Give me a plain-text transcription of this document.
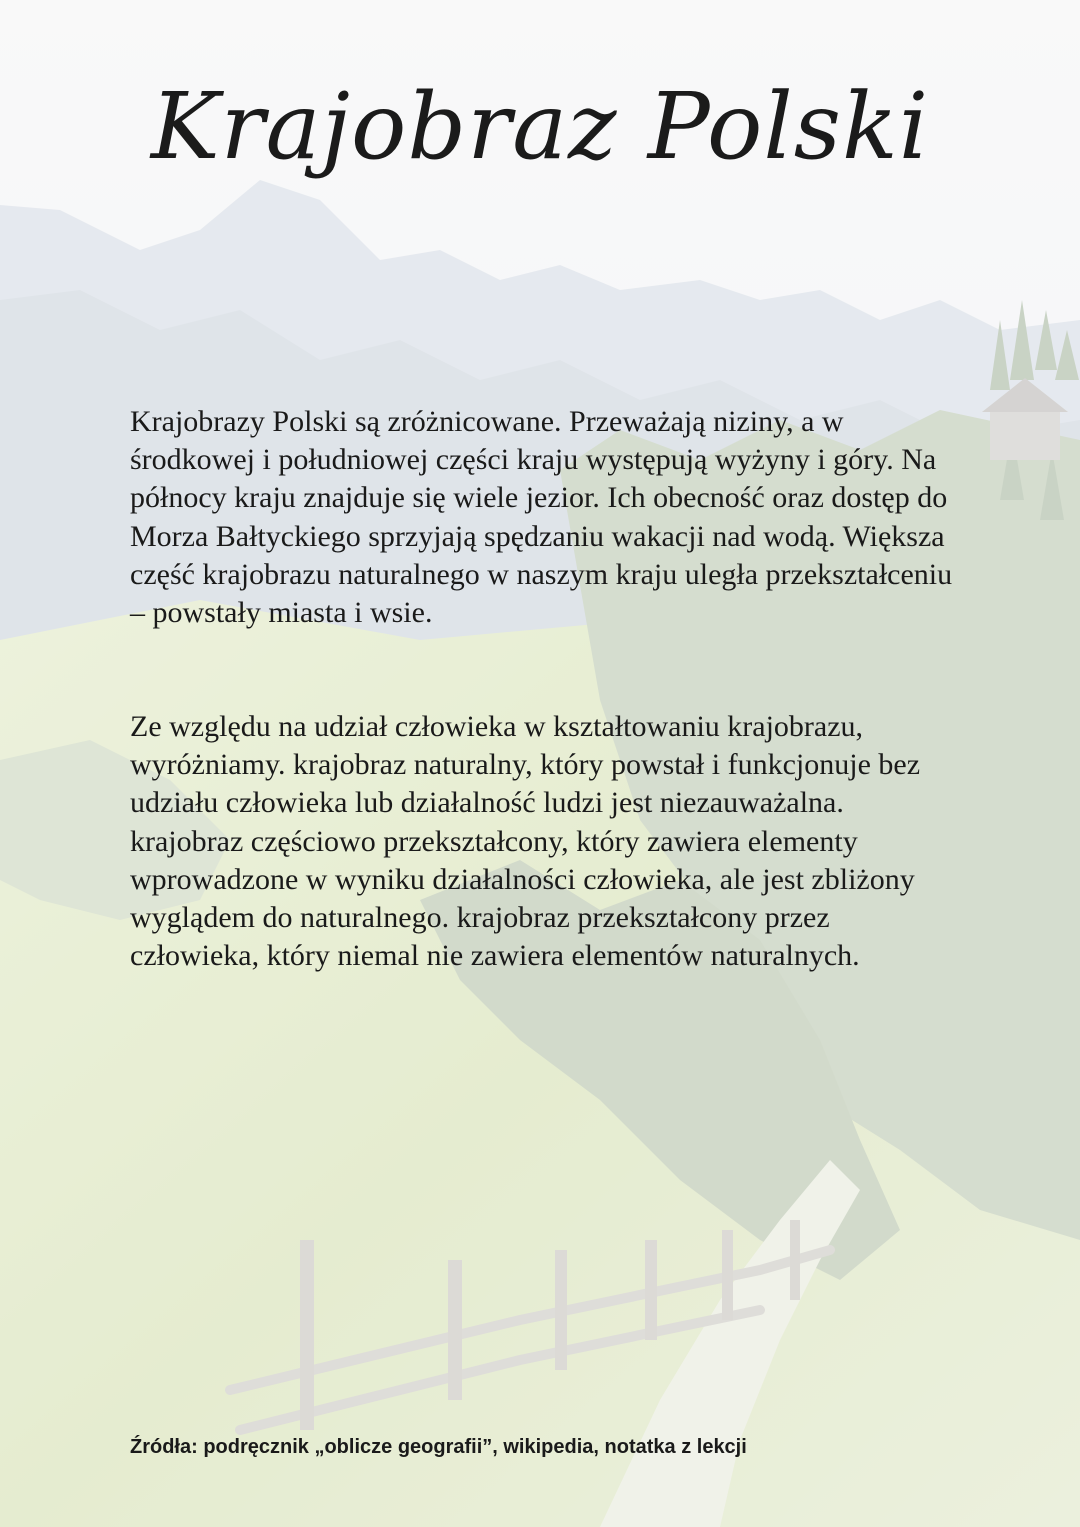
Krajobraz Polski

Krajobrazy Polski są zróżnicowane. Przeważają niziny, a w środkowej i południowej części kraju występują wyżyny i góry. Na północy kraju znajduje się wiele jezior. Ich obecność oraz dostęp do Morza Bałtyckiego sprzyjają spędzaniu wakacji nad wodą. Większa część krajobrazu naturalnego w naszym kraju uległa przekształceniu – powstały miasta i wsie.

Ze względu na udział człowieka w kształtowaniu krajobrazu, wyróżniamy. krajobraz naturalny, który powstał i funkcjonuje bez udziału człowieka lub działalność ludzi jest niezauważalna. krajobraz częściowo przekształcony, który zawiera elementy wprowadzone w wyniku działalności człowieka, ale jest zbliżony wyglądem do naturalnego. krajobraz przekształcony przez człowieka, który niemal nie zawiera elementów naturalnych.

Źródła: podręcznik „oblicze geografii”, wikipedia, notatka z lekcji
